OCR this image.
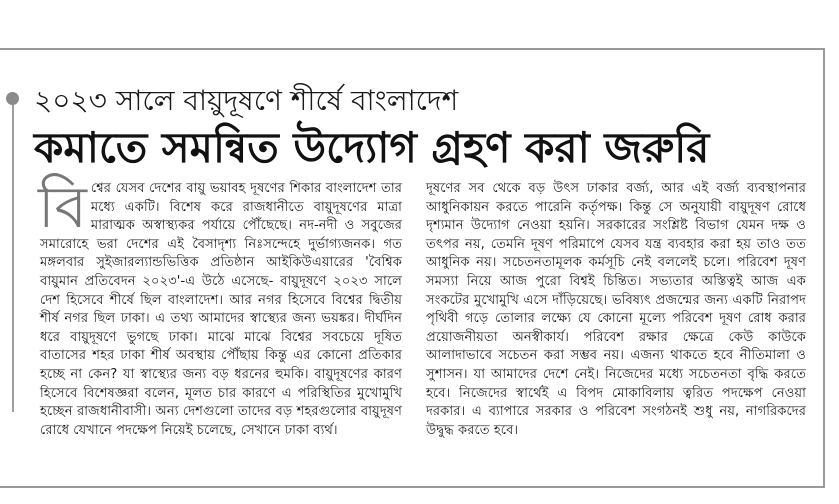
২০২৩ সালে বায়ুদূষণে শীর্ষে বাংলাদেশ
কমাতে সমন্বিত উদ্যোগ গ্রহণ করা জরুরি

বিশ্বের যেসব দেশের বায়ু ভয়াবহ দূষণের শিকার বাংলাদেশ তার মধ্যে একটি। বিশেষ করে রাজধানীতে বায়ুদূষণের মাত্রা মারাত্মক অস্বাস্থ্যকর পর্যায়ে পৌঁছেছে। নদ-নদী ও সবুজের সমারোহে ভরা দেশের এই বৈসাদৃশ্য নিঃসন্দেহে দুর্ভাগ্যজনক। গত মঙ্গলবার সুইজারল্যান্ডভিত্তিক প্রতিষ্ঠান আইকিউএয়ারের 'বৈশ্বিক বায়ুমান প্রতিবেদন ২০২৩'-এ উঠে এসেছে- বায়ুদূষণে ২০২৩ সালে দেশ হিসেবে শীর্ষে ছিল বাংলাদেশ। আর নগর হিসেবে বিশ্বের দ্বিতীয় শীর্ষ নগর ছিল ঢাকা। এ তথ্য আমাদের স্বাস্থ্যের জন্য ভয়ঙ্কর। দীর্ঘদিন ধরে বায়ুদূষণে ভুগছে ঢাকা। মাঝে মাঝে বিশ্বের সবচেয়ে দূষিত বাতাসের শহর ঢাকা শীর্ষ অবস্থায় পৌঁছায় কিন্তু এর কোনো প্রতিকার হচ্ছে না কেন? যা স্বাস্থ্যের জন্য বড় ধরনের হুমকি। বায়ুদূষণের কারণ হিসেবে বিশেষজ্ঞরা বলেন, মূলত চার কারণে এ পরিস্থিতির মুখোমুখি হচ্ছেন রাজধানীবাসী। অন্য দেশগুলো তাদের বড় শহরগুলোর বায়ুদূষণ রোধে যেখানে পদক্ষেপ নিয়েই চলেছে, সেখানে ঢাকা ব্যর্থ।

দূষণের সব থেকে বড় উৎস ঢাকার বর্জ্য, আর এই বর্জ্য ব্যবস্থাপনার আধুনিকায়ন করতে পারেনি কর্তৃপক্ষ। কিন্তু সে অনুযায়ী বায়ুদূষণ রোধে দৃশ্যমান উদ্যোগ নেওয়া হয়নি। সরকারের সংশ্লিষ্ট বিভাগ যেমন দক্ষ ও তৎপর নয়, তেমনি দূষণ পরিমাপে যেসব যন্ত্র ব্যবহার করা হয় তাও তত আধুনিক নয়। সচেতনতামূলক কর্মসূচি নেই বললেই চলে। পরিবেশ দূষণ সমস্যা নিয়ে আজ পুরো বিশ্বই চিন্তিত। সভ্যতার অস্তিত্বই আজ এক সংকটের মুখোমুখি এসে দাঁড়িয়েছে। ভবিষ্যৎ প্রজন্মের জন্য একটি নিরাপদ পৃথিবী গড়ে তোলার লক্ষ্যে যে কোনো মূল্যে পরিবেশ দূষণ রোধ করার প্রয়োজনীয়তা অনস্বীকার্য। পরিবেশ রক্ষার ক্ষেত্রে কেউ কাউকে আলাদাভাবে সচেতন করা সম্ভব নয়। এজন্য থাকতে হবে নীতিমালা ও সুশাসন। যা আমাদের দেশে নেই। নিজেদের মধ্যে সচেতনতা বৃদ্ধি করতে হবে। নিজেদের স্বার্থেই এ বিপদ মোকাবিলায় ত্বরিত পদক্ষেপ নেওয়া দরকার। এ ব্যাপারে সরকার ও পরিবেশ সংগঠনই শুধু নয়, নাগরিকদের উদ্বুদ্ধ করতে হবে।
